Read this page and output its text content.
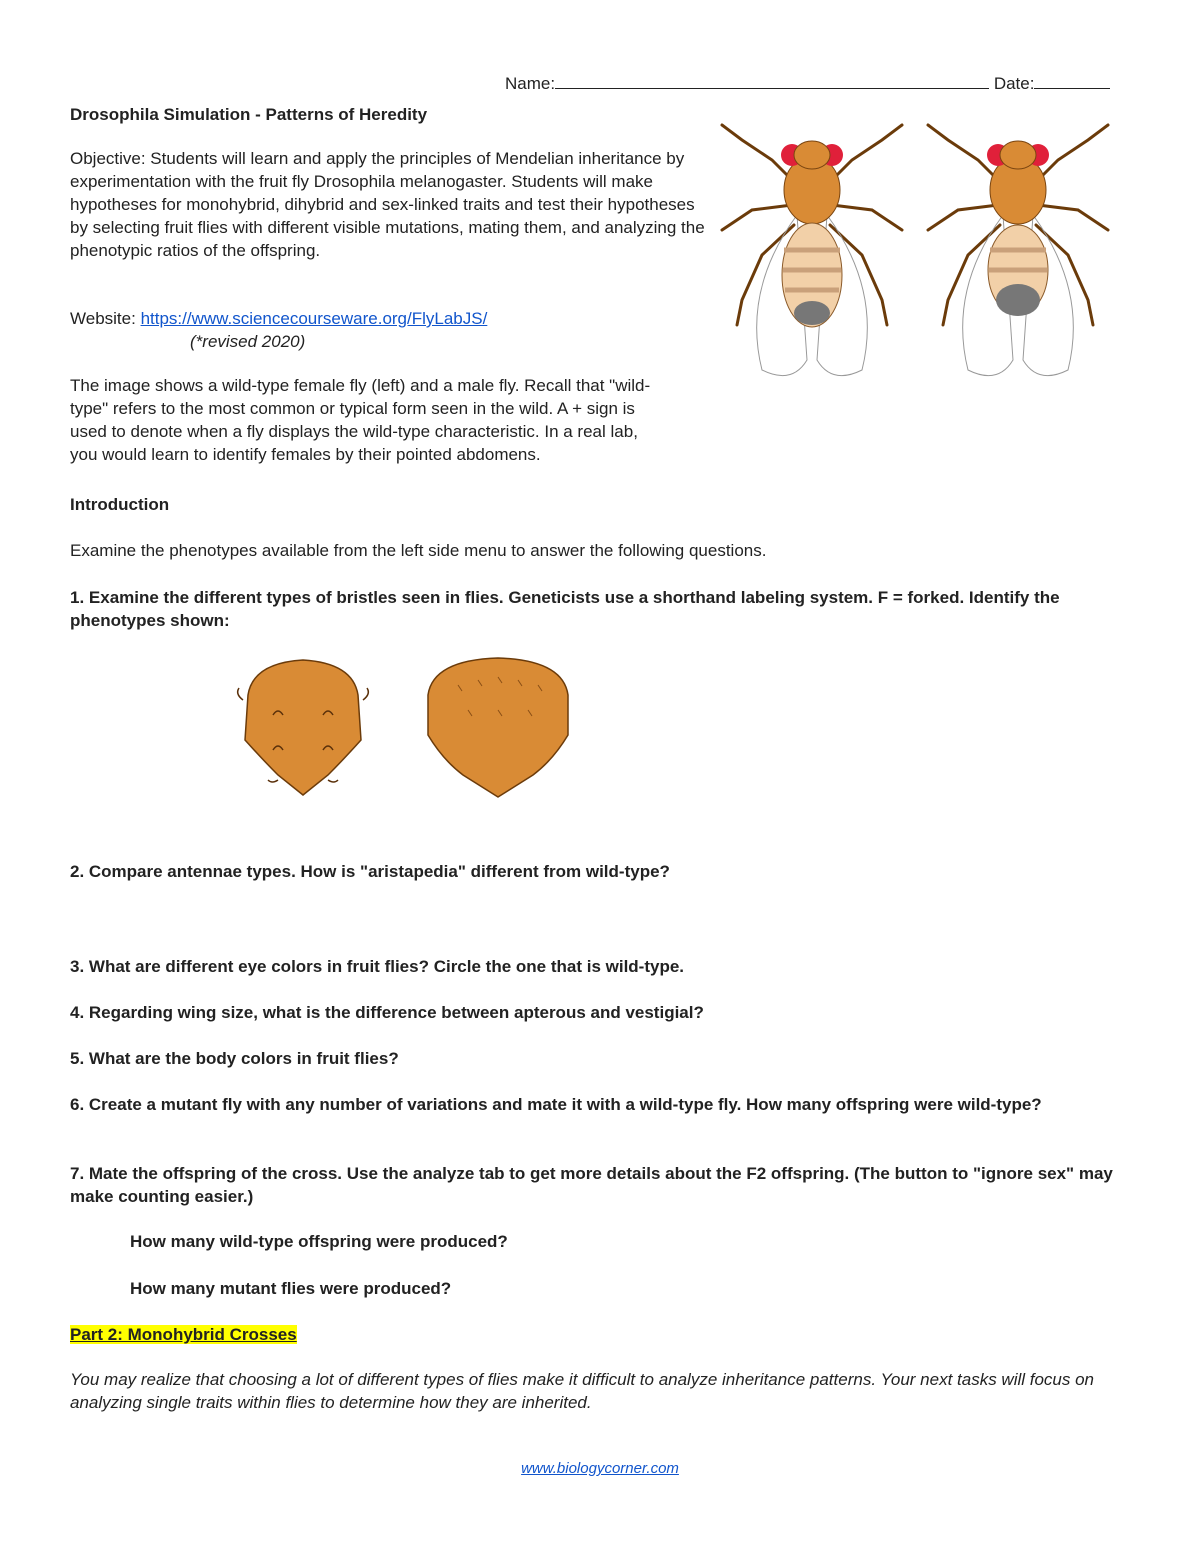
Name:	Date:
Drosophila Simulation - Patterns of Heredity
Objective: Students will learn and apply the principles of Mendelian inheritance by experimentation with the fruit fly Drosophila melanogaster. Students will make hypotheses for monohybrid, dihybrid and sex-linked traits and test their hypotheses by selecting fruit flies with different visible mutations, mating them, and analyzing the phenotypic ratios of the offspring.
Website: https://www.sciencecourseware.org/FlyLabJS/
(*revised 2020)
The image shows a wild-type female fly (left) and a male fly. Recall that "wild-type" refers to the most common or typical form seen in the wild. A + sign is used to denote when a fly displays the wild-type characteristic. In a real lab, you would learn to identify females by their pointed abdomens.
Introduction
Examine the phenotypes available from the left side menu to answer the following questions.
1. Examine the different types of bristles seen in flies. Geneticists use a shorthand labeling system. F = forked. Identify the phenotypes shown:
2. Compare antennae types. How is "aristapedia" different from wild-type?
3. What are different eye colors in fruit flies? Circle the one that is wild-type.
4. Regarding wing size, what is the difference between apterous and vestigial?
5. What are the body colors in fruit flies?
6. Create a mutant fly with any number of variations and mate it with a wild-type fly. How many offspring were wild-type?
7. Mate the offspring of the cross. Use the analyze tab to get more details about the F2 offspring. (The button to "ignore sex" may make counting easier.)
How many wild-type offspring were produced?
How many mutant flies were produced?
Part 2: Monohybrid Crosses
You may realize that choosing a lot of different types of flies make it difficult to analyze inheritance patterns. Your next tasks will focus on analyzing single traits within flies to determine how they are inherited.
www.biologycorner.com
